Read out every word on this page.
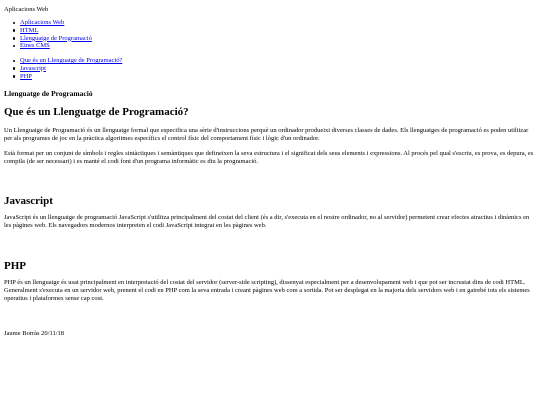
Aplicacions Web
Aplicacions Web
HTML
Llenguatge de Programació
Eines CMS
Que és un Llenguatge de Programació?
Javascript
PHP
Llenguatge de Programació
Que és un Llenguatge de Programació?

Un Llenguatge de Programació és un llenguatge formal que especifica una sèrie d'instruccions perquè un ordinador produeixi diverses classes de dades. Els llenguatges de programació es poden utilitzar per als programes de joc en la pràctica algoritmes específics el control físic del comportament físic i lògic d'un ordinador.

Està format per un conjunt de símbols i regles sintàctiques i semàntiques que defineixen la seva estructura i el significat dels seus elements i expressions. Al procés pel qual s'escriu, es prova, es depura, es compila (de ser necessari) i es manté el codi font d'un programa informàtic es diu la programació.

Javascript

JavaScript és un llenguatge de programació JavaScript s'utilitza principalment del costat del client (és a dir, s'executa en el nostre ordinador, no al servidor) permetent crear efectes atractius i dinàmics en les pàgines web. Els navegadors modernos interpreten el codi JavaScript integrat en les pàgines web.

PHP

PHP és un llenguatge és usat principalment en interpretació del costat del servidor (server-side scripting), dissenyat especialment per a desenvolupament web i que pot ser incrustat dins de codi HTML. Generalment s'executa en un servidor web, prenent el codi en PHP com la seva entrada i creant pàgines web com a sortida. Pot ser desplegat en la majoria dels servidors web i en gairebé tots els sistemes operatius i plataformes sense cap cost.

Jaume Borràs 20/11/18
